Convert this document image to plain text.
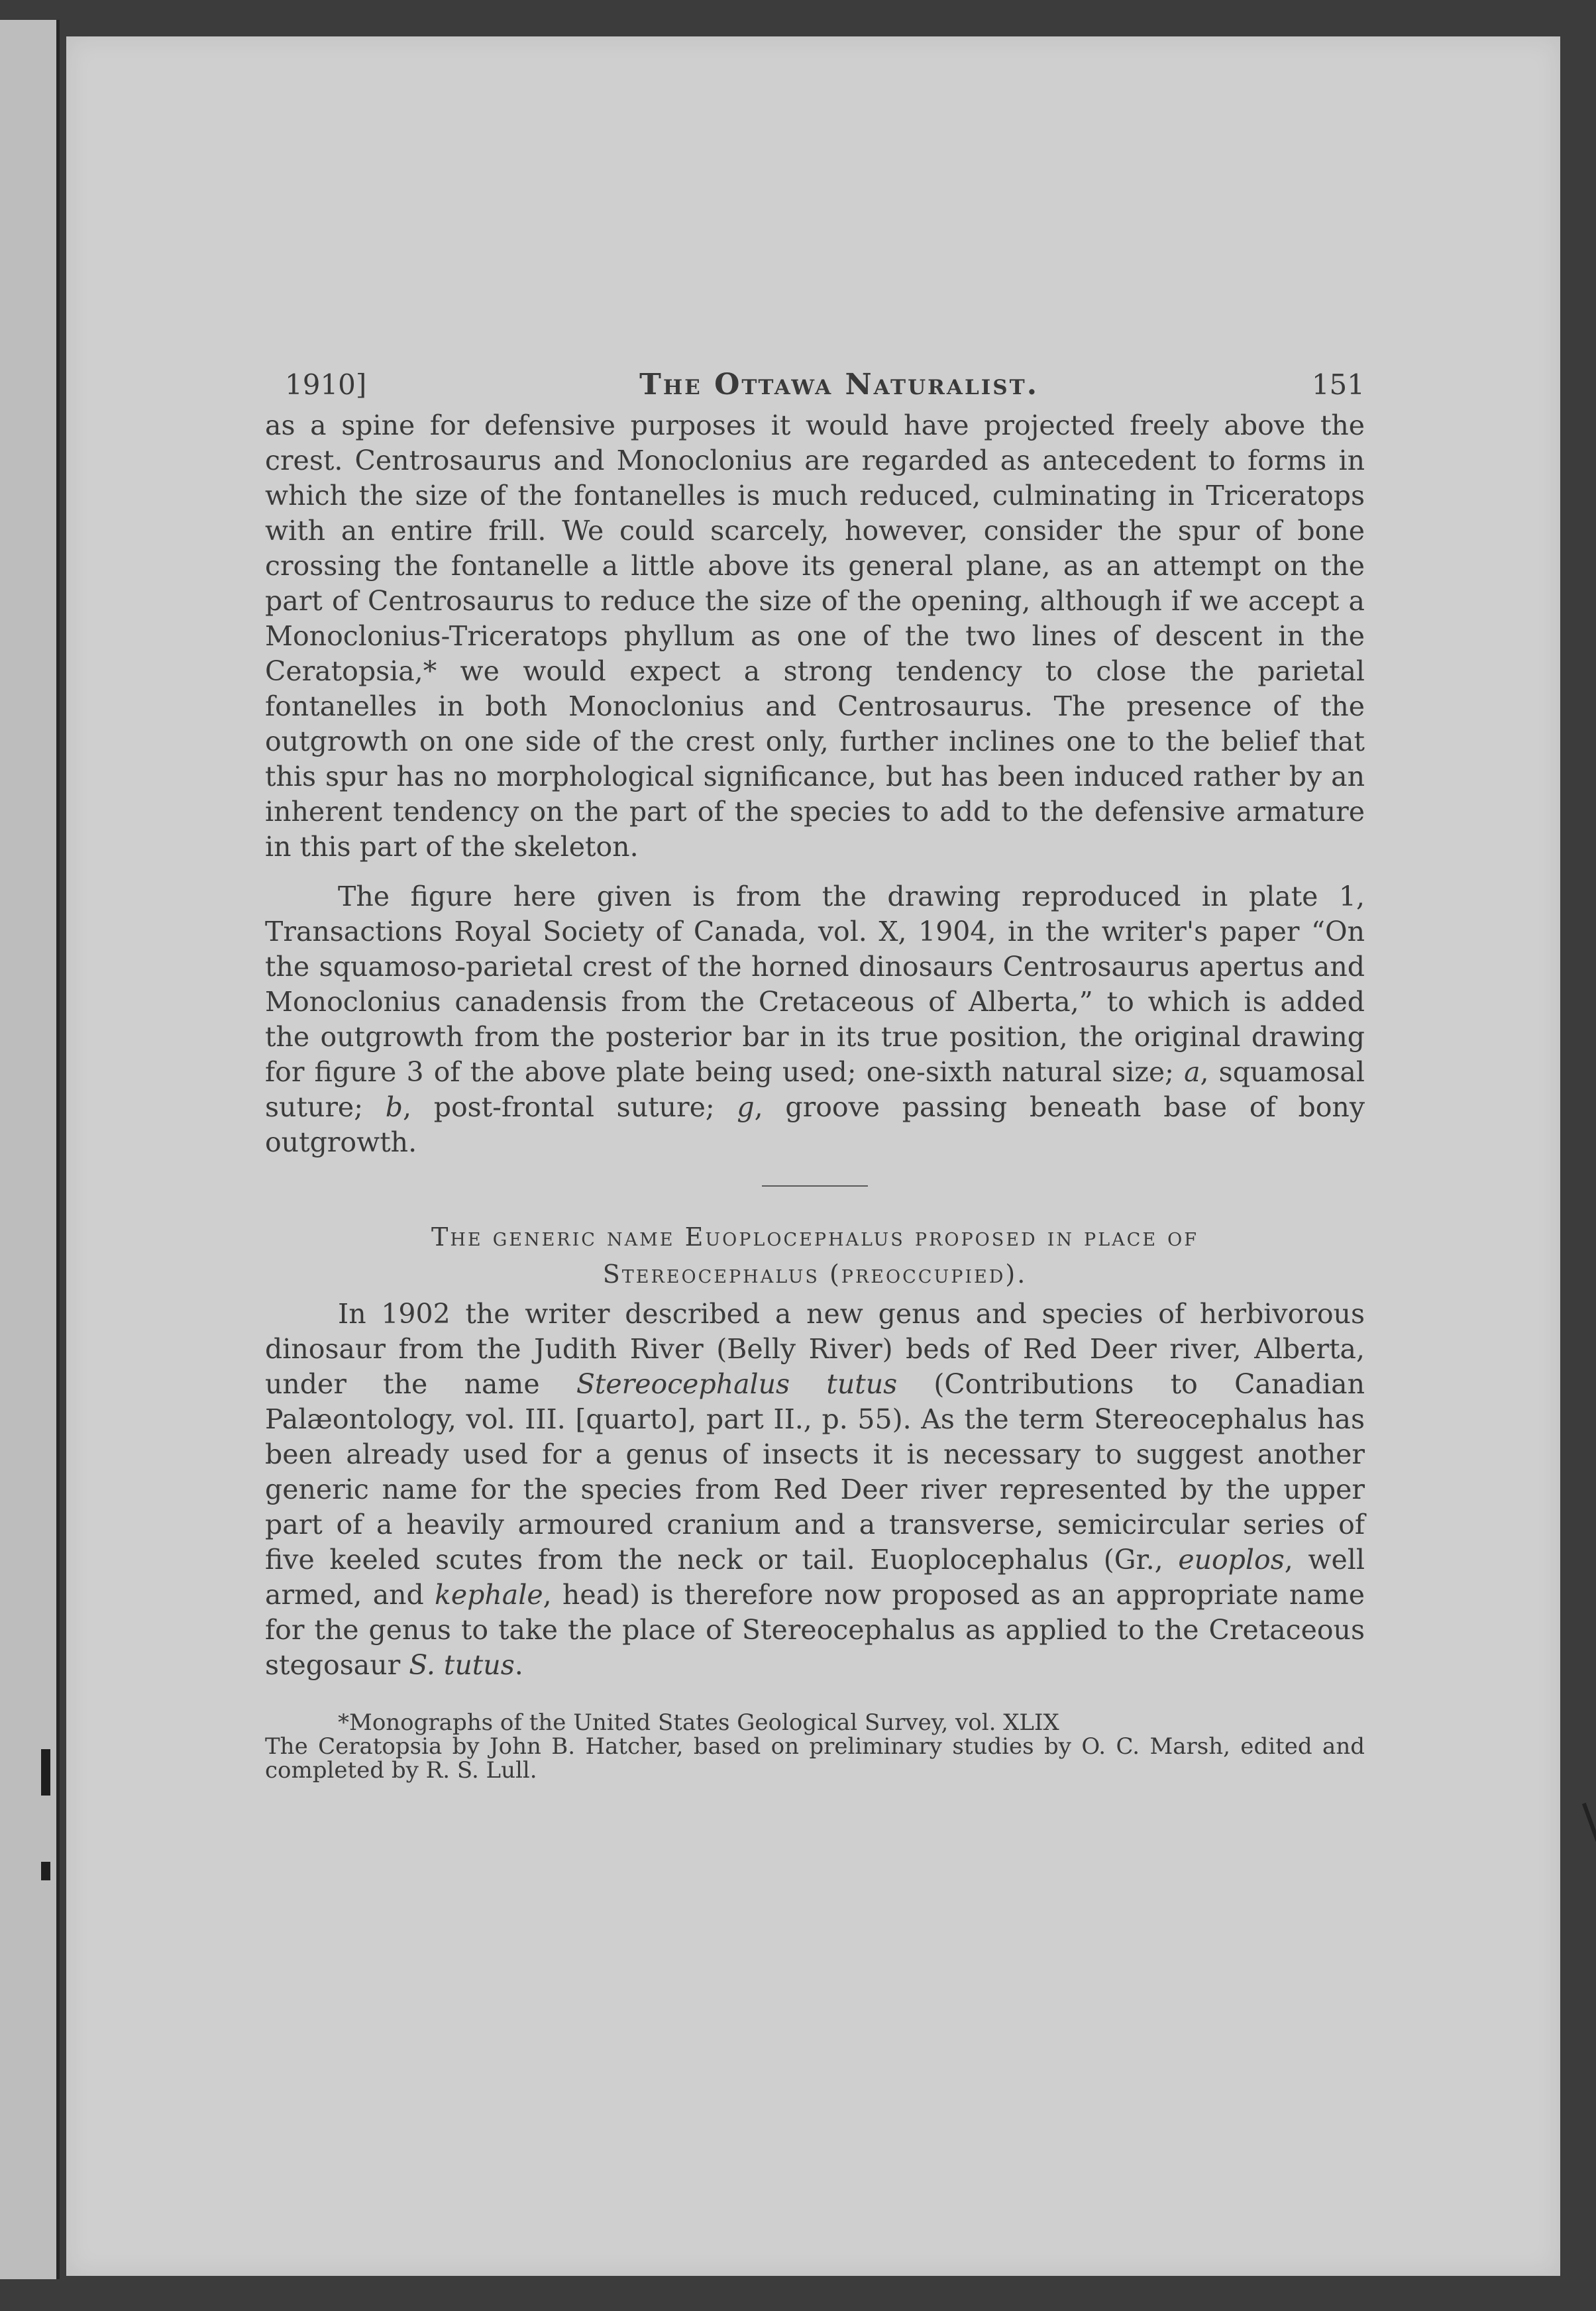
1910]	The Ottawa Naturalist.	151

as a spine for defensive purposes it would have projected freely above the crest. Centrosaurus and Monoclonius are regarded as antecedent to forms in which the size of the fontanelles is much reduced, culminating in Triceratops with an entire frill. We could scarcely, however, consider the spur of bone crossing the fontanelle a little above its general plane, as an attempt on the part of Centrosaurus to reduce the size of the opening, although if we accept a Monoclonius-Triceratops phyllum as one of the two lines of descent in the Ceratopsia,* we would expect a strong tendency to close the parietal fontanelles in both Monoclonius and Centrosaurus. The presence of the outgrowth on one side of the crest only, further inclines one to the belief that this spur has no morphological significance, but has been induced rather by an inherent tendency on the part of the species to add to the defensive armature in this part of the skeleton.

The figure here given is from the drawing reproduced in plate 1, Transactions Royal Society of Canada, vol. X, 1904, in the writer's paper “On the squamoso-parietal crest of the horned dinosaurs Centrosaurus apertus and Monoclonius canadensis from the Cretaceous of Alberta,” to which is added the outgrowth from the posterior bar in its true position, the original drawing for figure 3 of the above plate being used; one-sixth natural size; a, squamosal suture; b, post-frontal suture; g, groove passing beneath base of bony outgrowth.

The generic name Euoplocephalus proposed in place of
Stereocephalus (preoccupied).

In 1902 the writer described a new genus and species of herbivorous dinosaur from the Judith River (Belly River) beds of Red Deer river, Alberta, under the name Stereocephalus tutus (Contributions to Canadian Palæontology, vol. III. [quarto], part II., p. 55). As the term Stereocephalus has been already used for a genus of insects it is necessary to suggest another generic name for the species from Red Deer river represented by the upper part of a heavily armoured cranium and a transverse, semicircular series of five keeled scutes from the neck or tail. Euoplocephalus (Gr., euoplos, well armed, and kephale, head) is therefore now proposed as an appropriate name for the genus to take the place of Stereocephalus as applied to the Cretaceous stegosaur S. tutus.

*Monographs of the United States Geological Survey, vol. XLIX
The Ceratopsia by John B. Hatcher, based on preliminary studies by O. C. Marsh, edited and completed by R. S. Lull.
